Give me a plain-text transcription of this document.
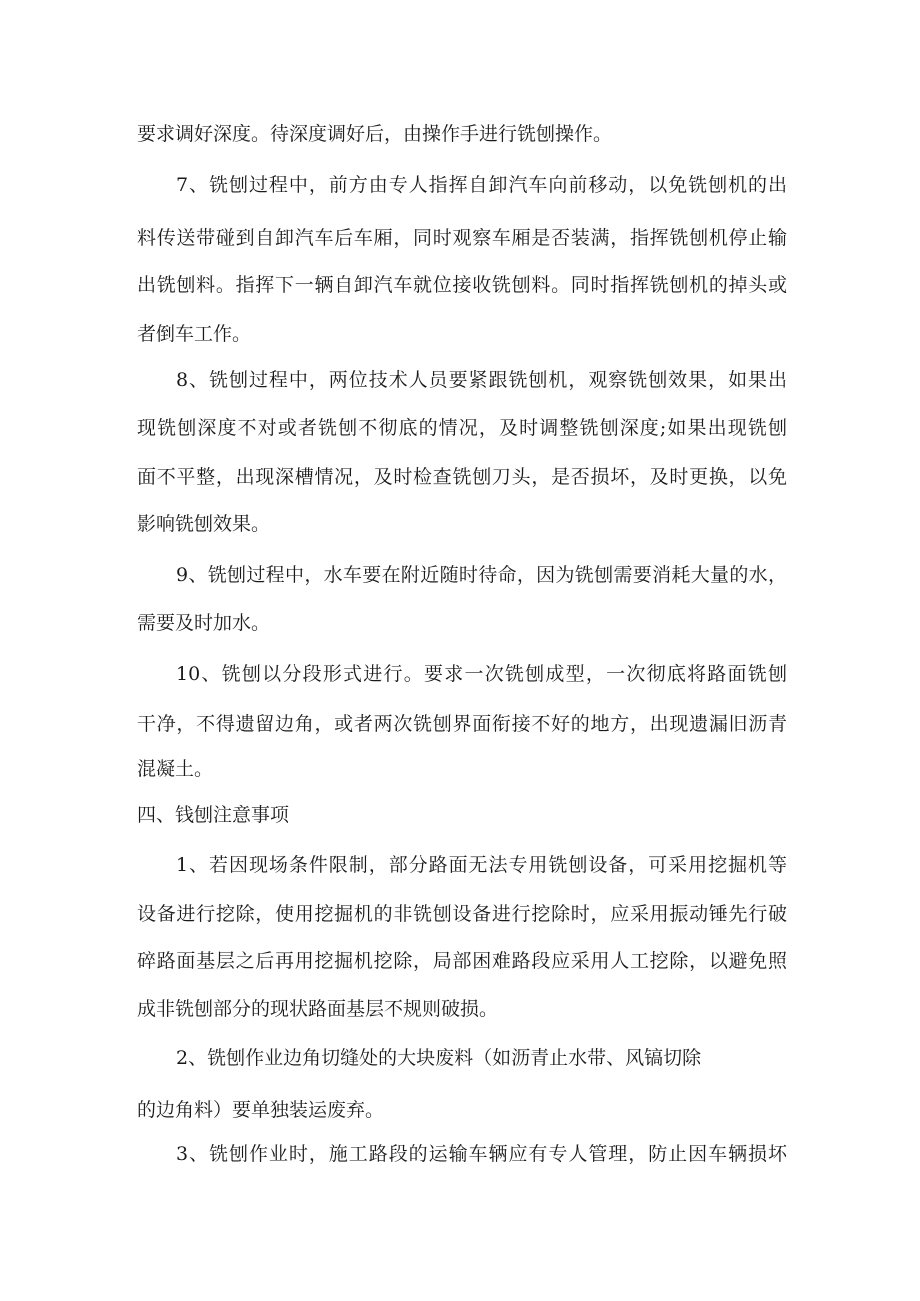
要求调好深度。待深度调好后，由操作手进行铣刨操作。
7、铣刨过程中，前方由专人指挥自卸汽车向前移动，以免铣刨机的出
料传送带碰到自卸汽车后车厢，同时观察车厢是否装满，指挥铣刨机停止输
出铣刨料。指挥下一辆自卸汽车就位接收铣刨料。同时指挥铣刨机的掉头或
者倒车工作。
8、铣刨过程中，两位技术人员要紧跟铣刨机，观察铣刨效果，如果出
现铣刨深度不对或者铣刨不彻底的情况，及时调整铣刨深度;如果出现铣刨
面不平整，出现深槽情况，及时检查铣刨刀头，是否损坏，及时更换，以免
影响铣刨效果。
9、铣刨过程中，水车要在附近随时待命，因为铣刨需要消耗大量的水，
需要及时加水。
10、铣刨以分段形式进行。要求一次铣刨成型，一次彻底将路面铣刨
干净，不得遗留边角，或者两次铣刨界面衔接不好的地方，出现遗漏旧沥青
混凝土。
四、钱刨注意事项
1、若因现场条件限制，部分路面无法专用铣刨设备，可采用挖掘机等
设备进行挖除，使用挖掘机的非铣刨设备进行挖除时，应采用振动锤先行破
碎路面基层之后再用挖掘机挖除，局部困难路段应采用人工挖除，以避免照
成非铣刨部分的现状路面基层不规则破损。
2、铣刨作业边角切缝处的大块废料（如沥青止水带、风镐切除
的边角料）要单独装运废弃。
3、铣刨作业时，施工路段的运输车辆应有专人管理，防止因车辆损坏
